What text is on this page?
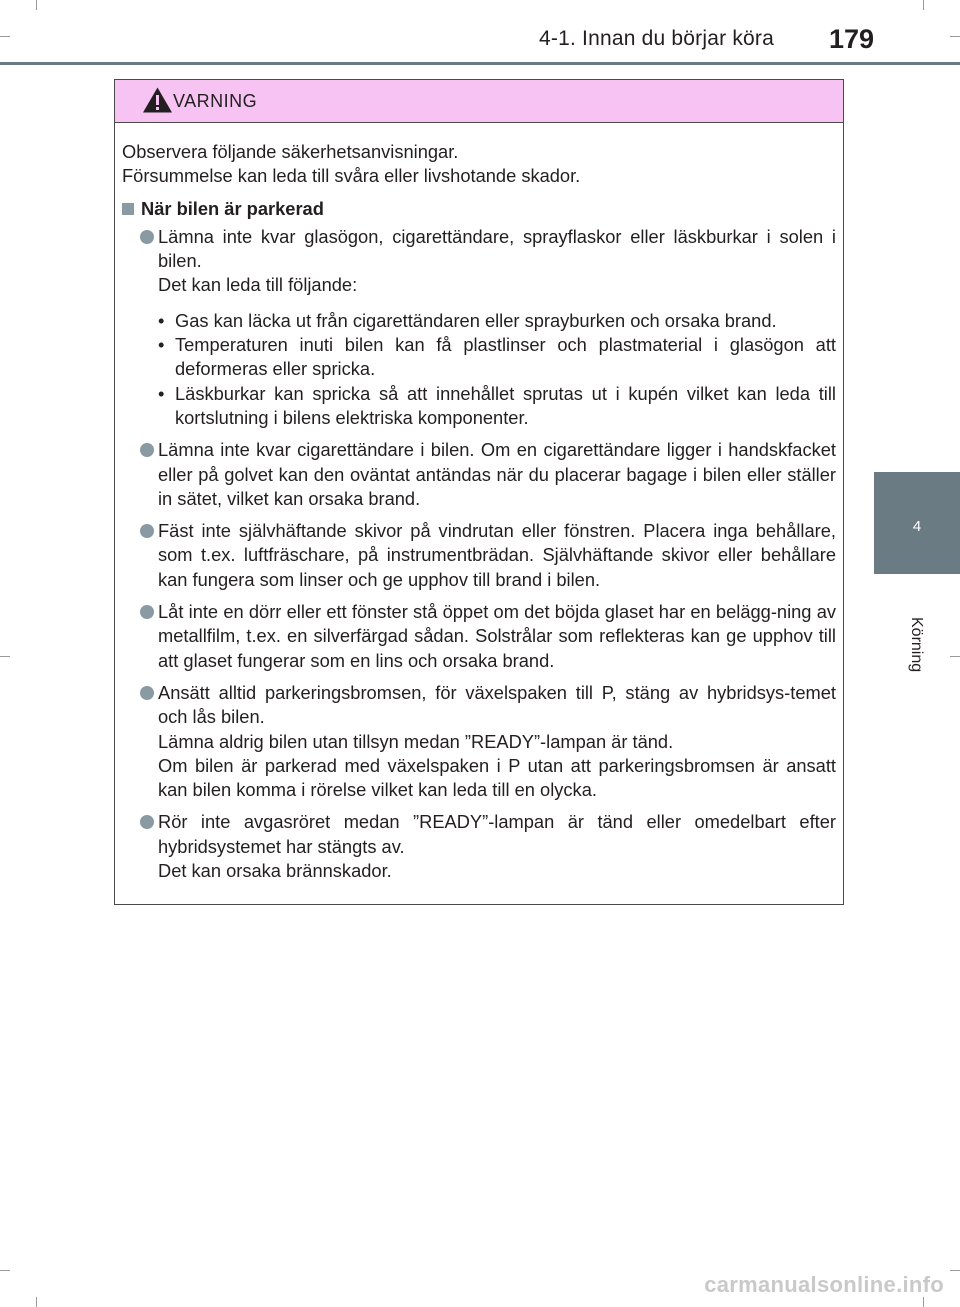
4-1. Innan du börjar köra 179
4
Körning
VARNING
Observera följande säkerhetsanvisningar.
Försummelse kan leda till svåra eller livshotande skador.
När bilen är parkerad

Lämna inte kvar glasögon, cigarettändare, sprayflaskor eller läskburkar i solen i bilen.

Det kan leda till följande:

• Gas kan läcka ut från cigarettändaren eller sprayburken och orsaka brand.
• Temperaturen inuti bilen kan få plastlinser och plastmaterial i glasögon att deformeras eller spricka.
• Läskburkar kan spricka så att innehållet sprutas ut i kupén vilket kan leda till kortslutning i bilens elektriska komponenter.

Lämna inte kvar cigarettändare i bilen. Om en cigarettändare ligger i handskfacket eller på golvet kan den oväntat antändas när du placerar bagage i bilen eller ställer in sätet, vilket kan orsaka brand.

Fäst inte självhäftande skivor på vindrutan eller fönstren. Placera inga behållare, som t.ex. luftfräschare, på instrumentbrädan. Självhäftande skivor eller behållare kan fungera som linser och ge upphov till brand i bilen.

Låt inte en dörr eller ett fönster stå öppet om det böjda glaset har en belägg-ning av metallfilm, t.ex. en silverfärgad sådan. Solstrålar som reflekteras kan ge upphov till att glaset fungerar som en lins och orsaka brand.

Ansätt alltid parkeringsbromsen, för växelspaken till P, stäng av hybridsys-temet och lås bilen.

Lämna aldrig bilen utan tillsyn medan ”READY”-lampan är tänd.

Om bilen är parkerad med växelspaken i P utan att parkeringsbromsen är ansatt kan bilen komma i rörelse vilket kan leda till en olycka.

Rör inte avgasröret medan ”READY”-lampan är tänd eller omedelbart efter hybridsystemet har stängts av.

Det kan orsaka brännskador.

carmanualsonline.info
